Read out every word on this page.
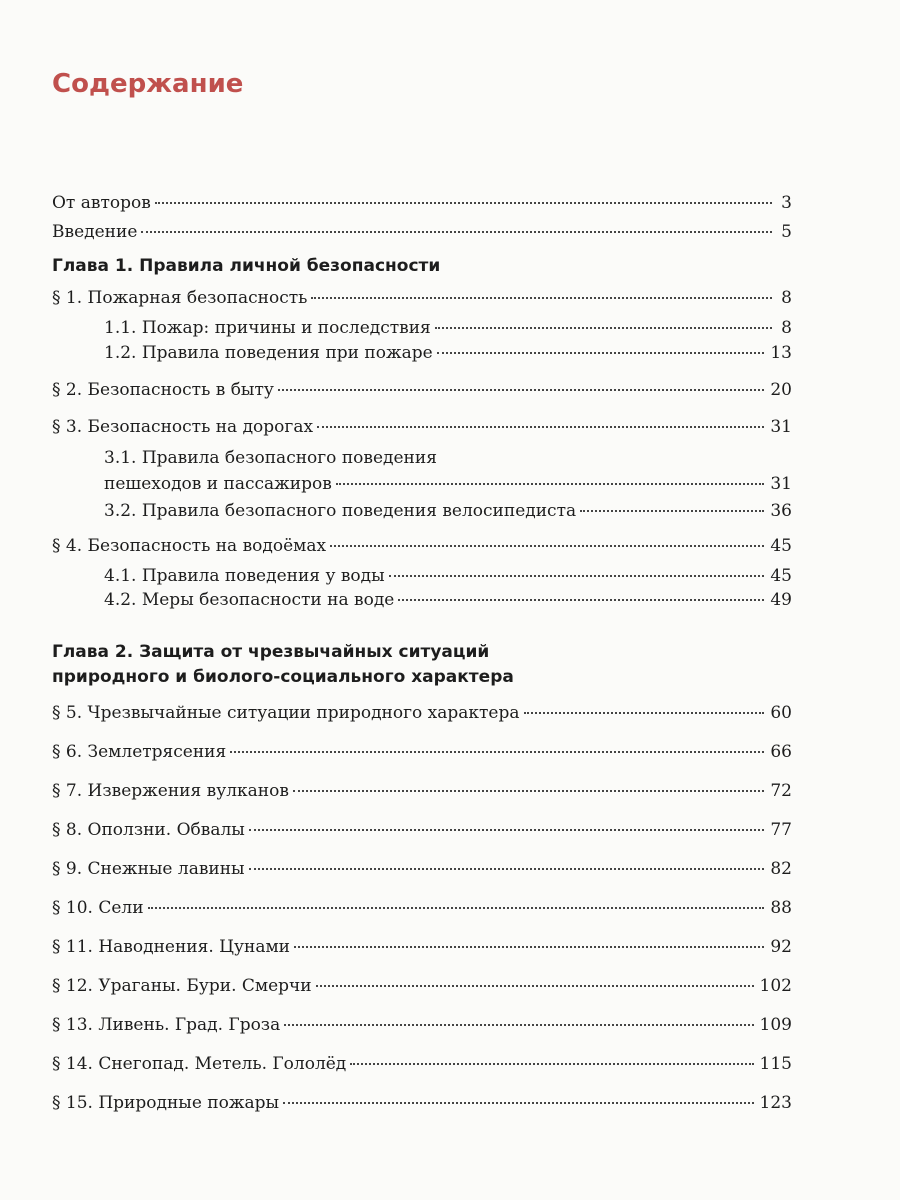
Содержание
От авторов	3
Введение	5
Глава 1. Правила личной безопасности
§ 1. Пожарная безопасность	8
1.1. Пожар: причины и последствия	8
1.2. Правила поведения при пожаре	13
§ 2. Безопасность в быту	20
§ 3. Безопасность на дорогах	31
3.1. Правила безопасного поведения
пешеходов и пассажиров	31
3.2. Правила безопасного поведения велосипедиста	36
§ 4. Безопасность на водоёмах	45
4.1. Правила поведения у воды	45
4.2. Меры безопасности на воде	49
Глава 2. Защита от чрезвычайных ситуаций
природного и биолого-социального характера
§ 5. Чрезвычайные ситуации природного характера	60
§ 6. Землетрясения	66
§ 7. Извержения вулканов	72
§ 8. Оползни. Обвалы	77
§ 9. Снежные лавины	82
§ 10. Сели	88
§ 11. Наводнения. Цунами	92
§ 12. Ураганы. Бури. Смерчи	102
§ 13. Ливень. Град. Гроза	109
§ 14. Снегопад. Метель. Гололёд	115
§ 15. Природные пожары	123
